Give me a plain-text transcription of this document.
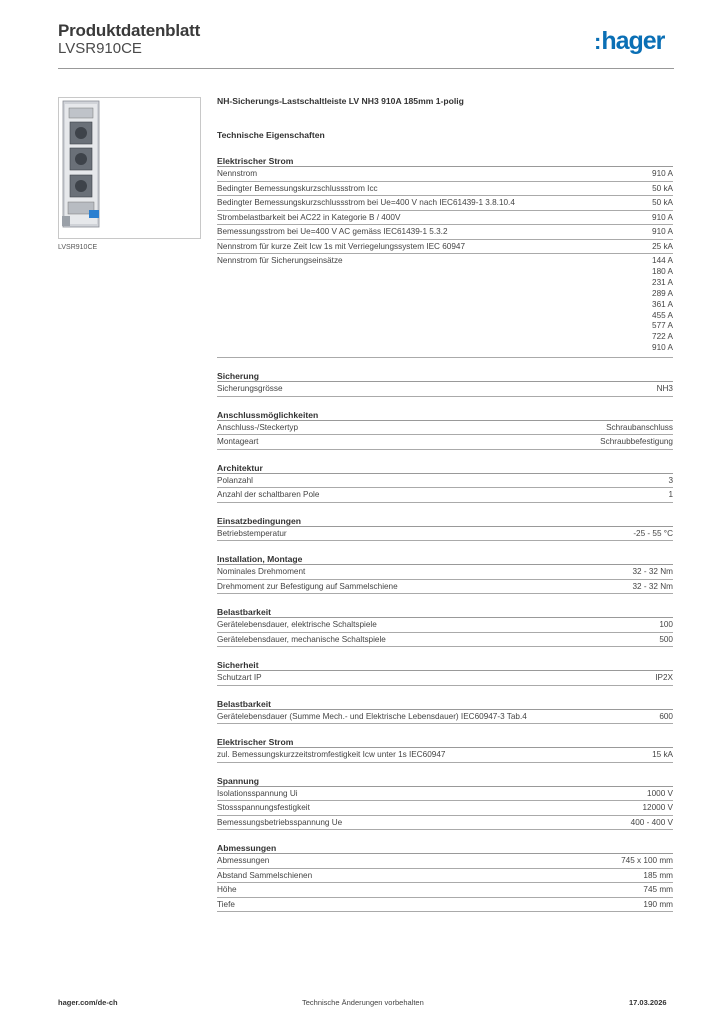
Produktdatenblatt
LVSR910CE	:hager
LVSR910CE
NH-Sicherungs-Lastschaltleiste LV NH3 910A 185mm 1-polig
Technische Eigenschaften
Elektrischer Strom
Nennstrom	910 A
Bedingter Bemessungskurzschlussstrom Icc	50 kA
Bedingter Bemessungskurzschlussstrom bei Ue=400 V nach IEC61439-1 3.8.10.4	50 kA
Strombelastbarkeit bei AC22 in Kategorie B / 400V	910 A
Bemessungsstrom bei Ue=400 V AC gemäss IEC61439-1 5.3.2	910 A
Nennstrom für kurze Zeit Icw 1s mit Verriegelungssystem IEC 60947	25 kA
Nennstrom für Sicherungseinsätze	144 A
180 A
231 A
289 A
361 A
455 A
577 A
722 A
910 A
Sicherung
Sicherungsgrösse	NH3
Anschlussmöglichkeiten
Anschluss-/Steckertyp	Schraubanschluss
Montageart	Schraubbefestigung
Architektur
Polanzahl	3
Anzahl der schaltbaren Pole	1
Einsatzbedingungen
Betriebstemperatur	-25 - 55 °C
Installation, Montage
Nominales Drehmoment	32 - 32 Nm
Drehmoment zur Befestigung auf Sammelschiene	32 - 32 Nm
Belastbarkeit
Gerätelebensdauer, elektrische Schaltspiele	100
Gerätelebensdauer, mechanische Schaltspiele	500
Sicherheit
Schutzart IP	IP2X
Belastbarkeit
Gerätelebensdauer (Summe Mech.- und Elektrische Lebensdauer) IEC60947-3 Tab.4	600
Elektrischer Strom
zul. Bemessungskurzzeitstromfestigkeit Icw unter 1s IEC60947	15 kA
Spannung
Isolationsspannung Ui	1000 V
Stossspannungsfestigkeit	12000 V
Bemessungsbetriebsspannung Ue	400 - 400 V
Abmessungen
Abmessungen	745 x 100 mm
Abstand Sammelschienen	185 mm
Höhe	745 mm
Tiefe	190 mm
hager.com/de-ch	Technische Änderungen vorbehalten	17.03.2026
